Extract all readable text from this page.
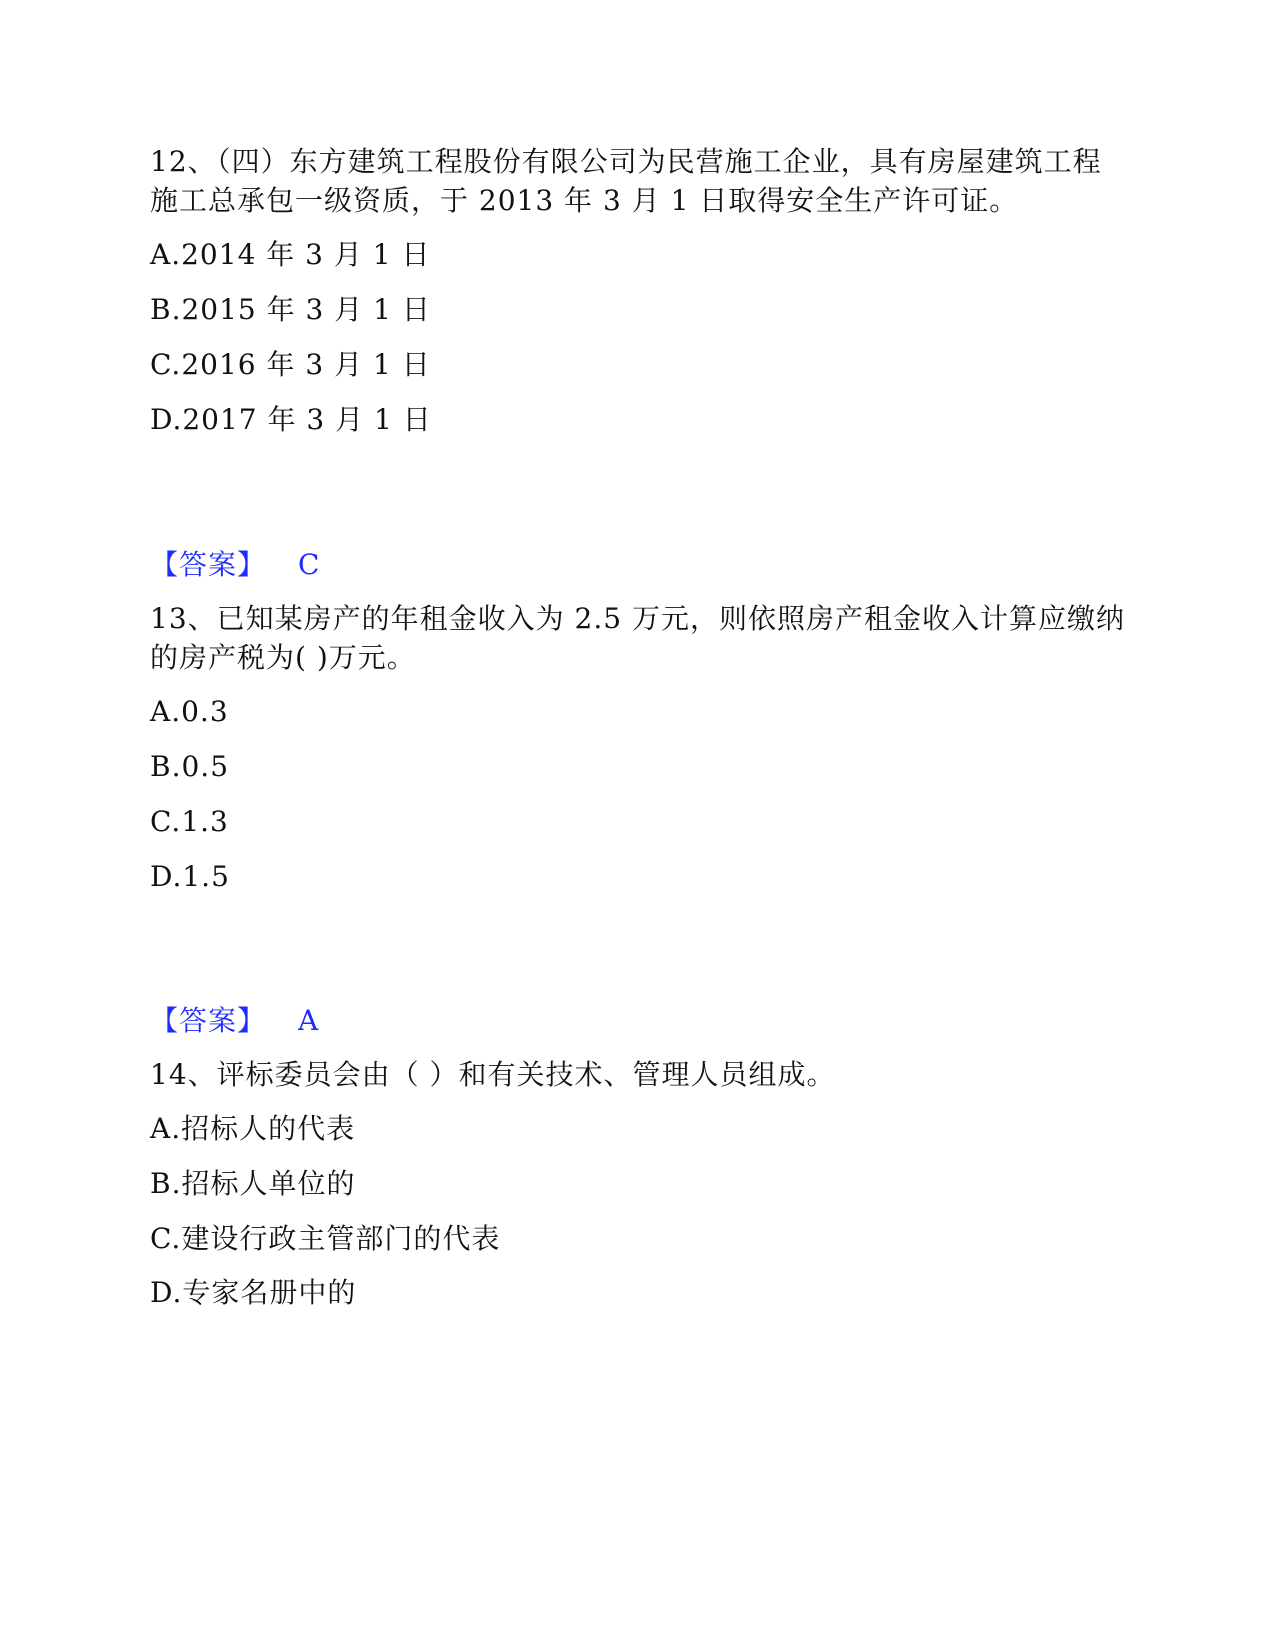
12、（四）东方建筑工程股份有限公司为民营施工企业，具有房屋建筑工程
施工总承包一级资质，于 2013 年 3 月 1 日取得安全生产许可证。
A.2014 年 3 月 1 日
B.2015 年 3 月 1 日
C.2016 年 3 月 1 日
D.2017 年 3 月 1 日
【答案】 C
13、已知某房产的年租金收入为 2.5 万元，则依照房产租金收入计算应缴纳
的房产税为( )万元。
A.0.3
B.0.5
C.1.3
D.1.5
【答案】 A
14、评标委员会由（ ）和有关技术、管理人员组成。
A.招标人的代表
B.招标人单位的
C.建设行政主管部门的代表
D.专家名册中的
